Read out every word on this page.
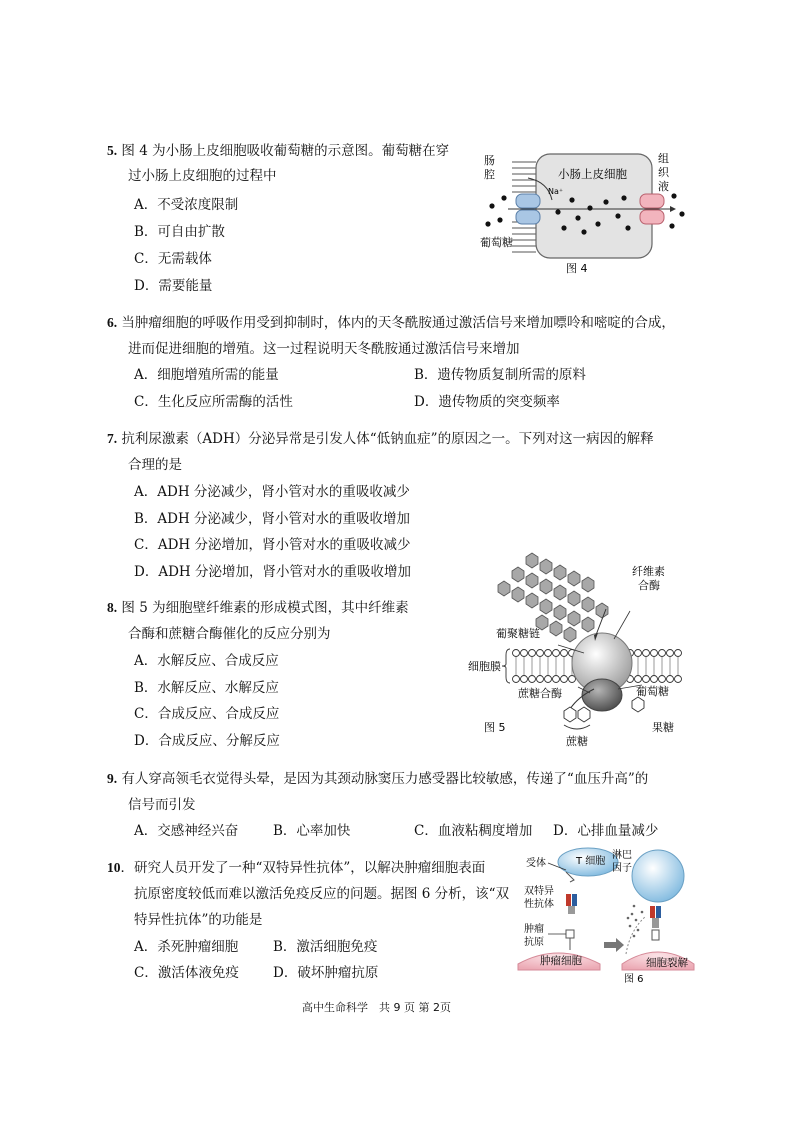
5. 图 4 为小肠上皮细胞吸收葡萄糖的示意图。葡萄糖在穿
过小肠上皮细胞的过程中
A．不受浓度限制
B．可自由扩散
C．无需载体
D．需要能量
肠
腔	小肠上皮细胞
组
织
液
Na⁺
葡萄糖
图 4
6. 当肿瘤细胞的呼吸作用受到抑制时，体内的天冬酰胺通过激活信号来增加嘌呤和嘧啶的合成，
进而促进细胞的增殖。这一过程说明天冬酰胺通过激活信号来增加
A．细胞增殖所需的能量	B．遗传物质复制所需的原料
C．生化反应所需酶的活性	D．遗传物质的突变频率
7. 抗利尿激素（ADH）分泌异常是引发人体“低钠血症”的原因之一。下列对这一病因的解释
合理的是
A．ADH 分泌减少，肾小管对水的重吸收减少
B．ADH 分泌减少，肾小管对水的重吸收增加
C．ADH 分泌增加，肾小管对水的重吸收减少
D．ADH 分泌增加，肾小管对水的重吸收增加
8. 图 5 为细胞壁纤维素的形成模式图，其中纤维素
合酶和蔗糖合酶催化的反应分别为
A．水解反应、合成反应
B．水解反应、水解反应
C．合成反应、合成反应
D．合成反应、分解反应
纤维素
合酶
葡聚糖链
细胞膜
蔗糖合酶	葡萄糖
图 5	果糖
蔗糖
9. 有人穿高领毛衣觉得头晕，是因为其颈动脉窦压力感受器比较敏感，传递了“血压升高”的
信号而引发
A．交感神经兴奋	B．心率加快	C．血液粘稠度增加 D．心排血量减少
10．研究人员开发了一种“双特异性抗体”，以解决肿瘤细胞表面
抗原密度较低而难以激活免疫反应的问题。据图 6 分析，该“双
特异性抗体”的功能是
A．杀死肿瘤细胞	B．激活细胞免疫
C．激活体液免疫	D．破坏肿瘤抗原
受体	T 细胞
双特异
性抗体
肿瘤
抗原
肿瘤细胞
淋巴
因子
细胞裂解
图 6
高中生命科学　共 9 页 第 2页
